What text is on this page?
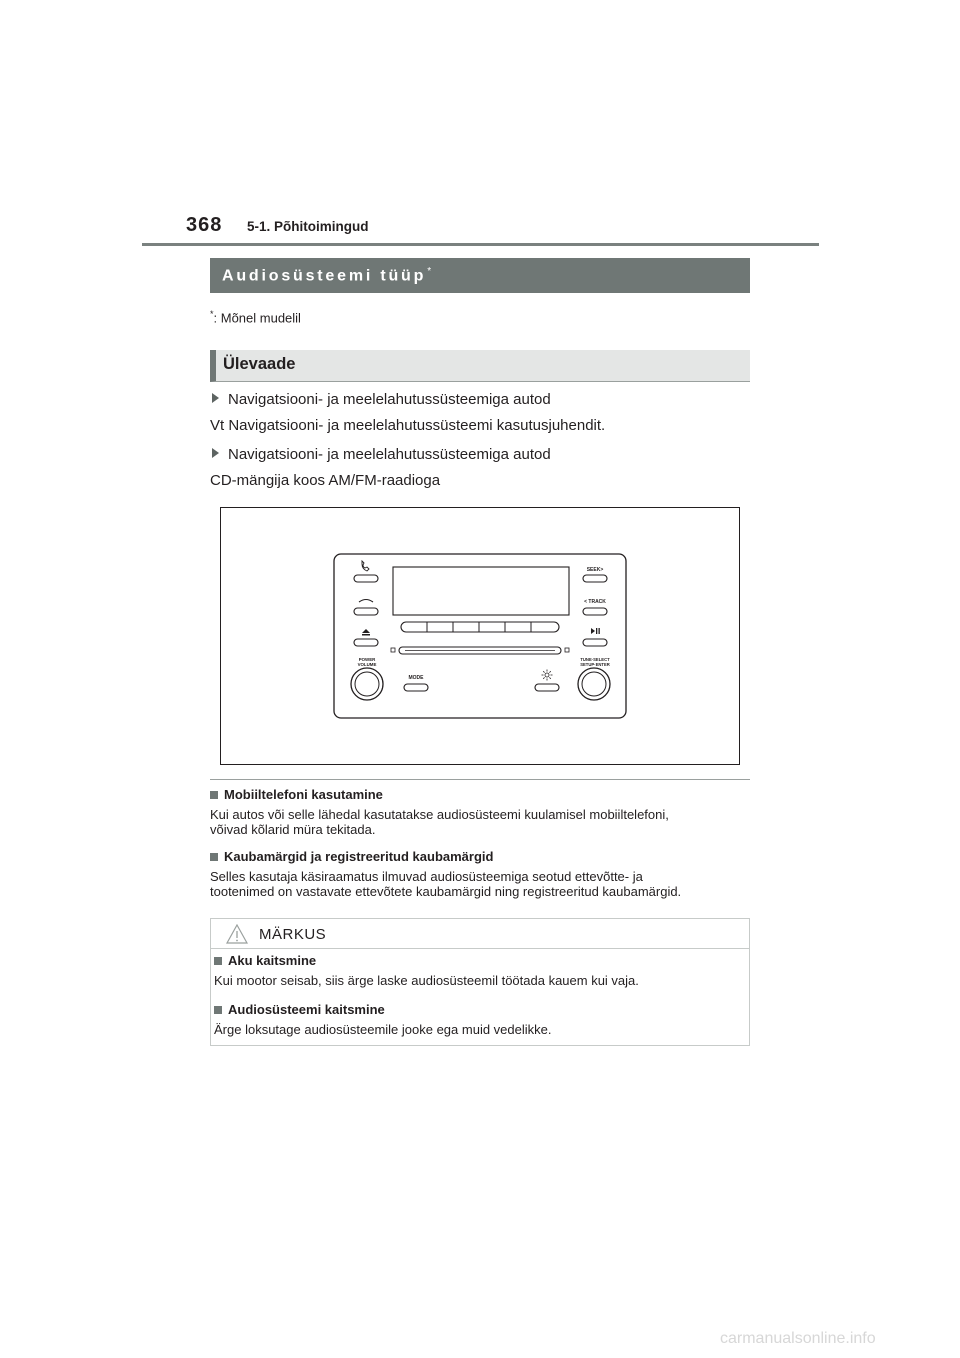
368 5-1. Põhitoimingud
Audiosüsteemi tüüp*
*: Mõnel mudelil
Ülevaade
Navigatsiooni- ja meelelahutussüsteemiga autod
Vt Navigatsiooni- ja meelelahutussüsteemi kasutusjuhendit.
Navigatsiooni- ja meelelahutussüsteemiga autod
CD-mängija koos AM/FM-raadioga
POWER
VOLUME
SEEK>
< TRACK
TUNE·SELECT
SETUP·ENTER
MODE
Mobiiltelefoni kasutamine
Kui autos või selle lähedal kasutatakse audiosüsteemi kuulamisel mobiiltelefoni,
võivad kõlarid müra tekitada.
Kaubamärgid ja registreeritud kaubamärgid
Selles kasutaja käsiraamatus ilmuvad audiosüsteemiga seotud ettevõtte- ja
tootenimed on vastavate ettevõtete kaubamärgid ning registreeritud kaubamärgid.
MÄRKUS
Aku kaitsmine
Kui mootor seisab, siis ärge laske audiosüsteemil töötada kauem kui vaja.
Audiosüsteemi kaitsmine
Ärge loksutage audiosüsteemile jooke ega muid vedelikke.
carmanualsonline.info
